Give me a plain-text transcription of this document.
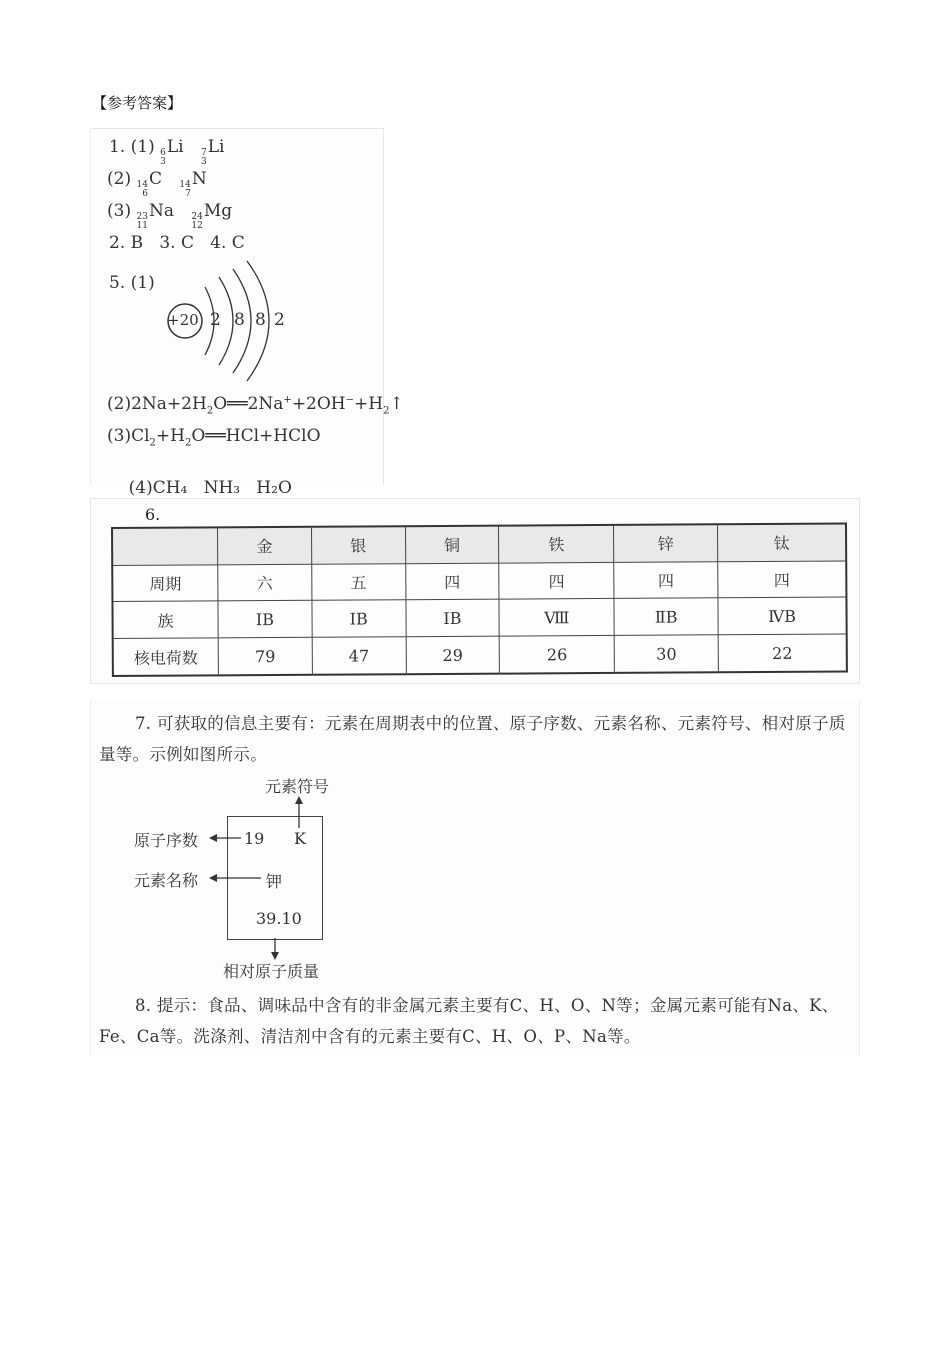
【参考答案】
1. (1) 6
3
Li
7
3
Li
(2) 14
6
C
14
7
N
(3) 23
11
Na
24
12
Mg
2. B   3. C   4. C
5. (1)
+20 2 8 8 2
$(2)2Na+2H_2O══2Na^++2OH^-+H_2↑$
$(3)Cl_2+H_2O══HCl+HClO$

(4)CH₄   NH₃   H₂O

6.
	金	银	铜	铁	锌	钛
周期	六	五	四	四	四	四
族	ⅠB	ⅠB	ⅠB	Ⅷ	ⅡB	ⅣB
核电荷数	79	47	29	26	30	22
7. 可获取的信息主要有：元素在周期表中的位置、原子序数、元素名称、元素符号、相对原子质量等。示例如图所示。
元素符号
原子序数
元素名称
相对原子质量
19 K
钾
39.10
8. 提示：食品、调味品中含有的非金属元素主要有C、H、O、N等；金属元素可能有Na、K、Fe、Ca等。洗涤剂、清洁剂中含有的元素主要有C、H、O、P、Na等。
